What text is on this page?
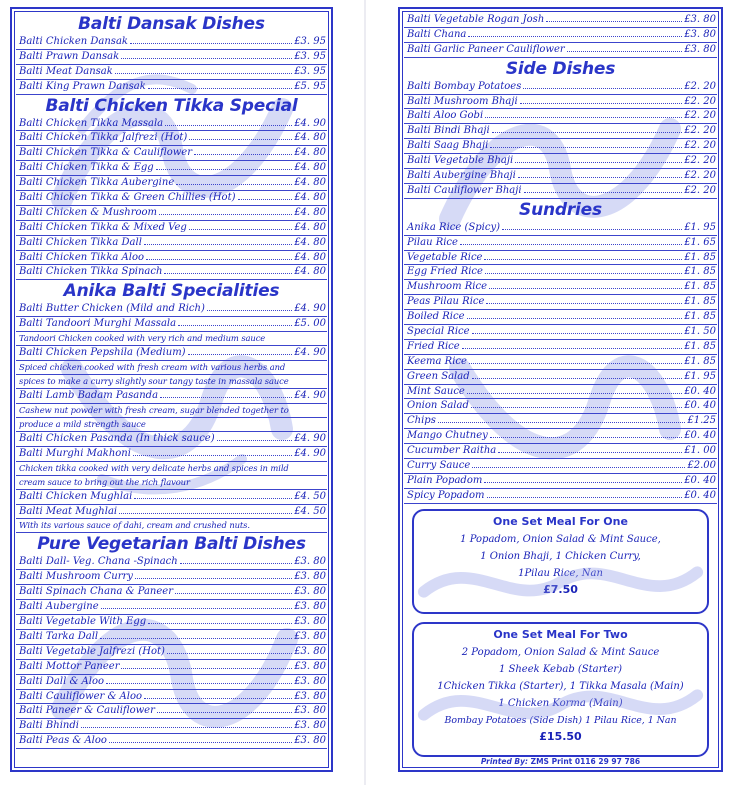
Balti Dansak Dishes
Balti Chicken Dansak	£3. 95
Balti Prawn Dansak	£3. 95
Balti Meat Dansak	£3. 95
Balti King Prawn Dansak	£5. 95
Balti Chicken Tikka Special
Balti Chicken Tikka Massala	£4. 90
Balti Chicken Tikka Jalfrezi (Hot)	£4. 80
Balti Chicken Tikka & Cauliflower	£4. 80
Balti Chicken Tikka & Egg	£4. 80
Balti Chicken Tikka Aubergine	£4. 80
Balti Chicken Tikka & Green Chillies (Hot)	£4. 80
Balti Chicken & Mushroom	£4. 80
Balti Chicken Tikka & Mixed Veg	£4. 80
Balti Chicken Tikka Dall	£4. 80
Balti Chicken Tikka Aloo	£4. 80
Balti Chicken Tikka Spinach	£4. 80
Anika Balti Specialities
Balti Butter Chicken (Mild and Rich)	£4. 90
Balti Tandoori Murghi Massala	£5. 00
Tandoori Chicken cooked with very rich and medium sauce
Balti Chicken Pepshila (Medium)	£4. 90
Spiced chicken cooked with fresh cream with various herbs and
spices to make a curry slightly sour tangy taste in massala sauce
Balti Lamb Badam Pasanda	£4. 90
Cashew nut powder with fresh cream, sugar blended together to
produce a mild strength sauce
Balti Chicken Pasanda (In thick sauce)	£4. 90
Balti Murghi Makhoni	£4. 90
Chicken tikka cooked with very delicate herbs and spices in mild
cream sauce to bring out the rich flavour
Balti Chicken Mughlai	£4. 50
Balti Meat Mughlai	£4. 50
With its various sauce of dahi, cream and crushed nuts.
Pure Vegetarian Balti Dishes
Balti Dall- Veg. Chana -Spinach	£3. 80
Balti Mushroom Curry	£3. 80
Balti Spinach Chana & Paneer	£3. 80
Balti Aubergine	£3. 80
Balti Vegetable With Egg	£3. 80
Balti Tarka Dall	£3. 80
Balti Vegetable Jalfrezi (Hot)	£3. 80
Balti Mottor Paneer	£3. 80
Balti Dall & Aloo	£3. 80
Balti Cauliflower & Aloo	£3. 80
Balti Paneer & Cauliflower	£3. 80
Balti Bhindi	£3. 80
Balti Peas & Aloo	£3. 80
Balti Vegetable Rogan Josh	£3. 80
Balti Chana	£3. 80
Balti Garlic Paneer Cauliflower	£3. 80
Side Dishes
Balti Bombay Potatoes	£2. 20
Balti Mushroom Bhaji	£2. 20
Balti Aloo Gobi	£2. 20
Balti Bindi Bhaji	£2. 20
Balti Saag Bhaji	£2. 20
Balti Vegetable Bhaji	£2. 20
Balti Aubergine Bhaji	£2. 20
Balti Cauliflower Bhaji	£2. 20
Sundries
Anika Rice (Spicy)	£1. 95
Pilau Rice	£1. 65
Vegetable Rice	£1. 85
Egg Fried Rice	£1. 85
Mushroom Rice	£1. 85
Peas Pilau Rice	£1. 85
Boiled Rice	£1. 85
Special Rice	£1. 50
Fried Rice	£1. 85
Keema Rice	£1. 85
Green Salad	£1. 95
Mint Sauce	£0. 40
Onion Salad	£0. 40
Chips	£1.25
Mango Chutney	£0. 40
Cucumber Raitha	£1. 00
Curry Sauce	£2.00
Plain Popadom	£0. 40
Spicy Popadom	£0. 40
One Set Meal For One
1 Popadom, Onion Salad & Mint Sauce,
1 Onion Bhaji, 1 Chicken Curry,
1Pilau Rice, Nan
£7.50
One Set Meal For Two
2 Popadom, Onion Salad & Mint Sauce
1 Sheek Kebab (Starter)
1Chicken Tikka (Starter), 1 Tikka Masala (Main)
1 Chicken Korma (Main)
Bombay Potatoes (Side Dish) 1 Pilau Rice, 1 Nan
£15.50
Printed By: ZMS Print 0116 29 97 786
